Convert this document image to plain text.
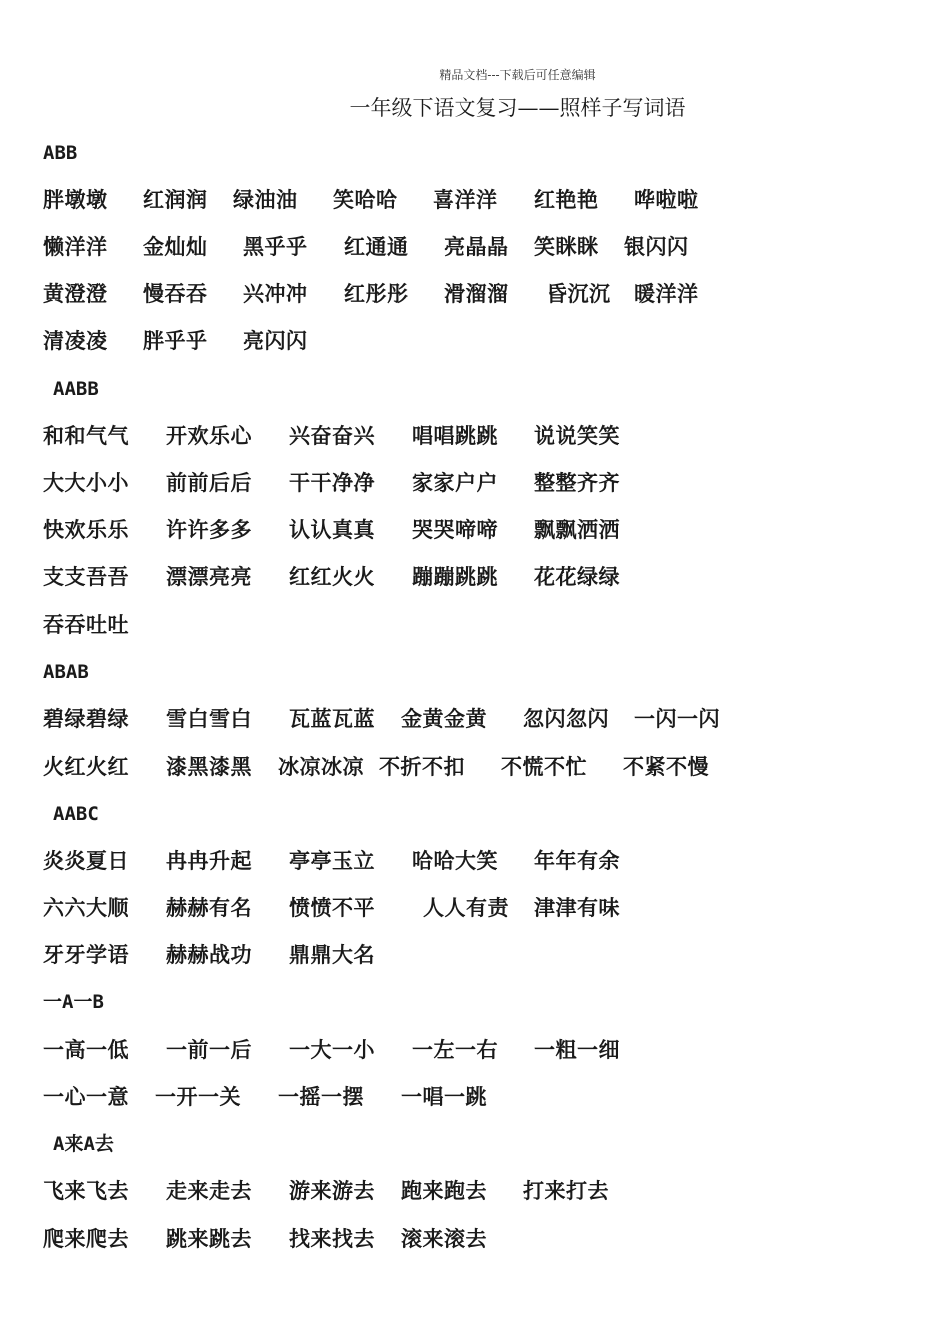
精品文档---下载后可任意编辑
一年级下语文复习——照样子写词语
ABB
胖墩墩 红润润 绿油油 笑哈哈 喜洋洋 红艳艳 哗啦啦
懒洋洋 金灿灿 黑乎乎 红通通 亮晶晶 笑眯眯 银闪闪
黄澄澄 慢吞吞 兴冲冲 红彤彤 滑溜溜 昏沉沉 暖洋洋
清凌凌 胖乎乎 亮闪闪
AABB
和和气气 开欢乐心 兴奋奋兴 唱唱跳跳 说说笑笑
大大小小 前前后后 干干净净 家家户户 整整齐齐
快欢乐乐 许许多多 认认真真 哭哭啼啼 飘飘洒洒
支支吾吾 漂漂亮亮 红红火火 蹦蹦跳跳 花花绿绿
吞吞吐吐
ABAB
碧绿碧绿 雪白雪白 瓦蓝瓦蓝 金黄金黄 忽闪忽闪 一闪一闪
火红火红 漆黑漆黑 冰凉冰凉 不折不扣 不慌不忙 不紧不慢
AABC
炎炎夏日 冉冉升起 亭亭玉立 哈哈大笑 年年有余
六六大顺 赫赫有名 愤愤不平 人人有责 津津有味
牙牙学语 赫赫战功 鼎鼎大名
一A一B
一高一低 一前一后 一大一小 一左一右 一粗一细
一心一意 一开一关 一摇一摆 一唱一跳
A来A去
飞来飞去 走来走去 游来游去 跑来跑去 打来打去
爬来爬去 跳来跳去 找来找去 滚来滚去
